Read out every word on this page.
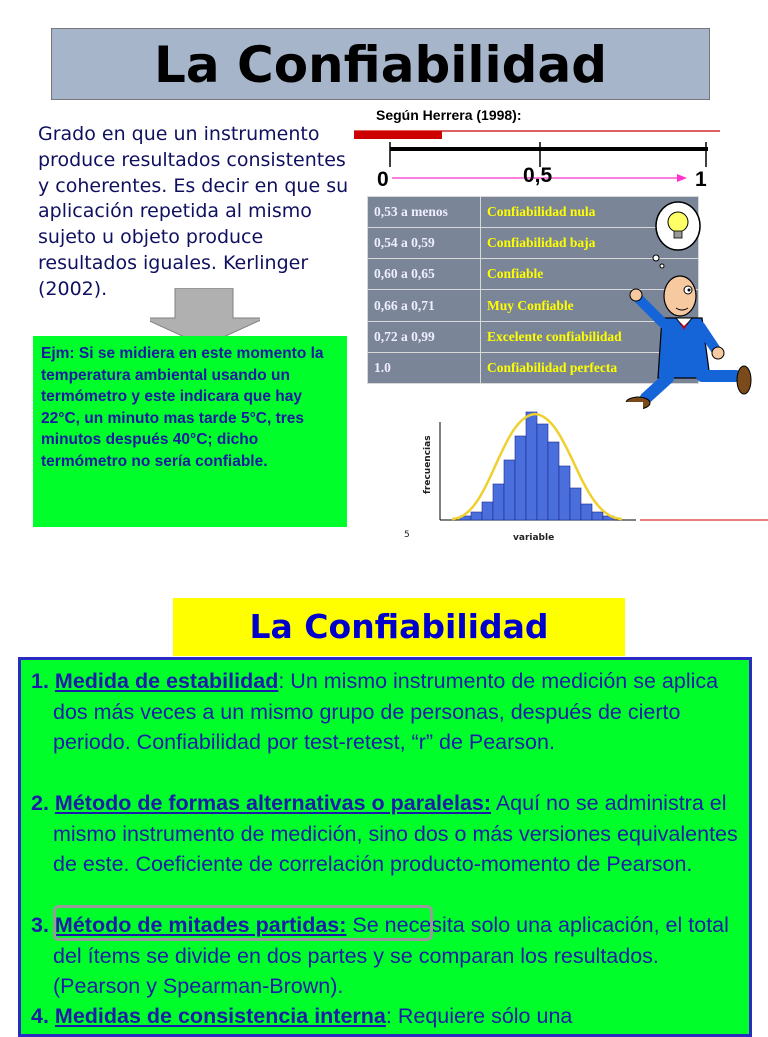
La Confiabilidad
Grado en que un instrumento produce resultados consistentes y coherentes. Es decir en que su aplicación repetida al mismo sujeto u objeto produce resultados iguales. Kerlinger (2002).
Ejm: Si se midiera en este momento la temperatura ambiental usando un termómetro y este indicara que hay 22°C, un minuto mas tarde 5°C, tres minutos después 40°C; dicho termómetro no sería confiable.
Según Herrera (1998):
0	0,5	1
0,53 a menos	Confiabilidad nula
0,54 a 0,59	Confiabilidad baja
0,60 a 0,65	Confiable
0,66 a 0,71	Muy Confiable
0,72 a 0,99	Excelente confiabilidad
1.0	Confiabilidad perfecta
frecuencias
variable
5
La Confiabilidad

1. Medida de estabilidad: Un mismo instrumento de medición se aplica dos más veces a un mismo grupo de personas, después de cierto periodo. Confiabilidad por test-retest, “r” de Pearson.

2. Método de formas alternativas o paralelas: Aquí no se administra el mismo instrumento de medición, sino dos o más versiones equivalentes de este. Coeficiente de correlación producto-momento de Pearson.

3. Método de mitades partidas: Se necesita solo una aplicación, el total del ítems se divide en dos partes y se comparan los resultados. (Pearson y Spearman-Brown).

4. Medidas de consistencia interna: Requiere sólo una
